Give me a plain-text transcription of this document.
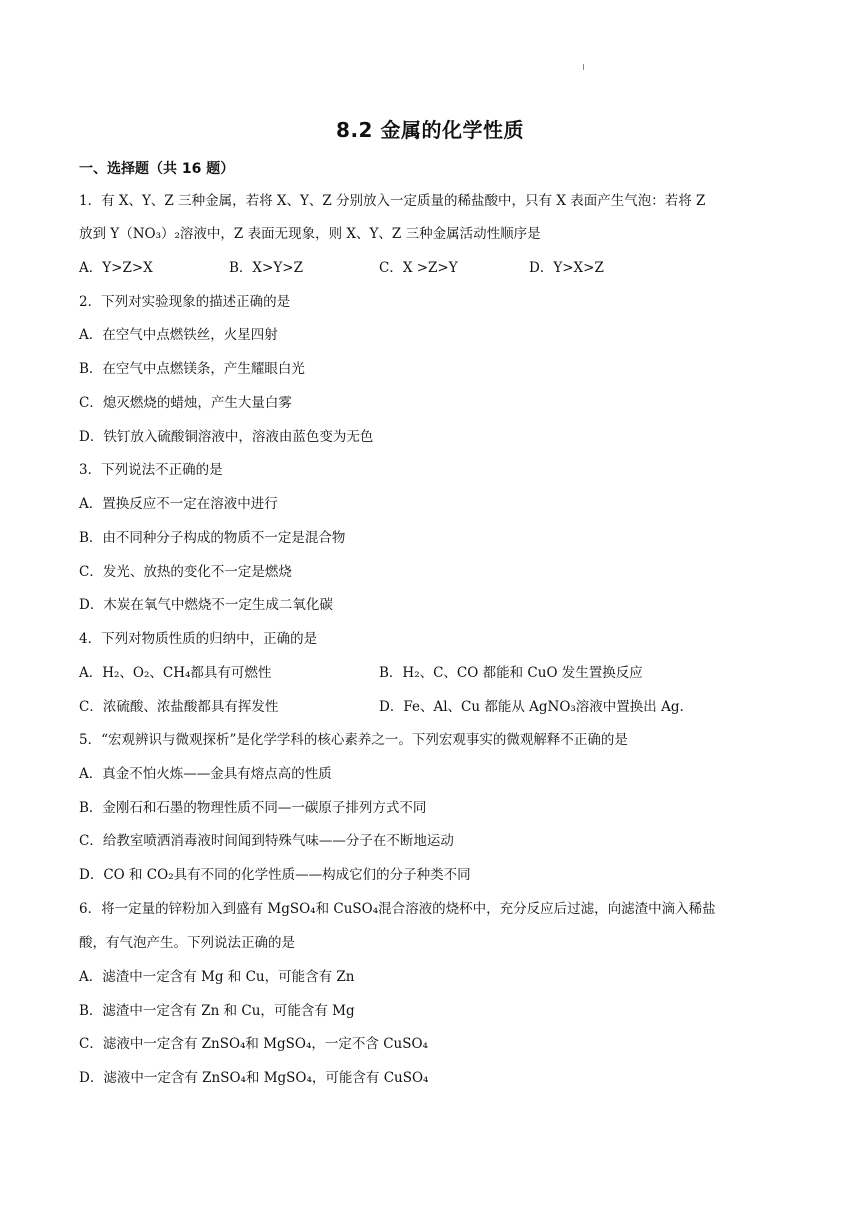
8.2 金属的化学性质
一、选择题（共 16 题）
1．有 X、Y、Z 三种金属，若将 X、Y、Z 分别放入一定质量的稀盐酸中，只有 X 表面产生气泡：若将 Z
放到 Y（NO₃）₂溶液中，Z 表面无现象，则 X、Y、Z 三种金属活动性顺序是
A．Y>Z>X	B．X>Y>Z	C．X >Z>Y	D．Y>X>Z
2．下列对实验现象的描述正确的是
A．在空气中点燃铁丝，火星四射
B．在空气中点燃镁条，产生耀眼白光
C．熄灭燃烧的蜡烛，产生大量白雾
D．铁钉放入硫酸铜溶液中，溶液由蓝色变为无色
3．下列说法不正确的是
A．置换反应不一定在溶液中进行
B．由不同种分子构成的物质不一定是混合物
C．发光、放热的变化不一定是燃烧
D．木炭在氧气中燃烧不一定生成二氧化碳
4．下列对物质性质的归纳中，正确的是
A．H₂、O₂、CH₄都具有可燃性	B．H₂、C、CO 都能和 CuO 发生置换反应
C．浓硫酸、浓盐酸都具有挥发性	D．Fe、Al、Cu 都能从 AgNO₃溶液中置换出 Ag.
5．“宏观辨识与微观探析”是化学学科的核心素养之一。下列宏观事实的微观解释不正确的是
A．真金不怕火炼——金具有熔点高的性质
B．金刚石和石墨的物理性质不同—一碳原子排列方式不同
C．给教室喷洒消毒液时间闻到特殊气味——分子在不断地运动
D．CO 和 CO₂具有不同的化学性质——构成它们的分子种类不同
6．将一定量的锌粉加入到盛有 MgSO₄和 CuSO₄混合溶液的烧杯中，充分反应后过滤，向滤渣中滴入稀盐
酸，有气泡产生。下列说法正确的是
A．滤渣中一定含有 Mg 和 Cu，可能含有 Zn
B．滤渣中一定含有 Zn 和 Cu，可能含有 Mg
C．滤液中一定含有 ZnSO₄和 MgSO₄，一定不含 CuSO₄
D．滤液中一定含有 ZnSO₄和 MgSO₄，可能含有 CuSO₄
